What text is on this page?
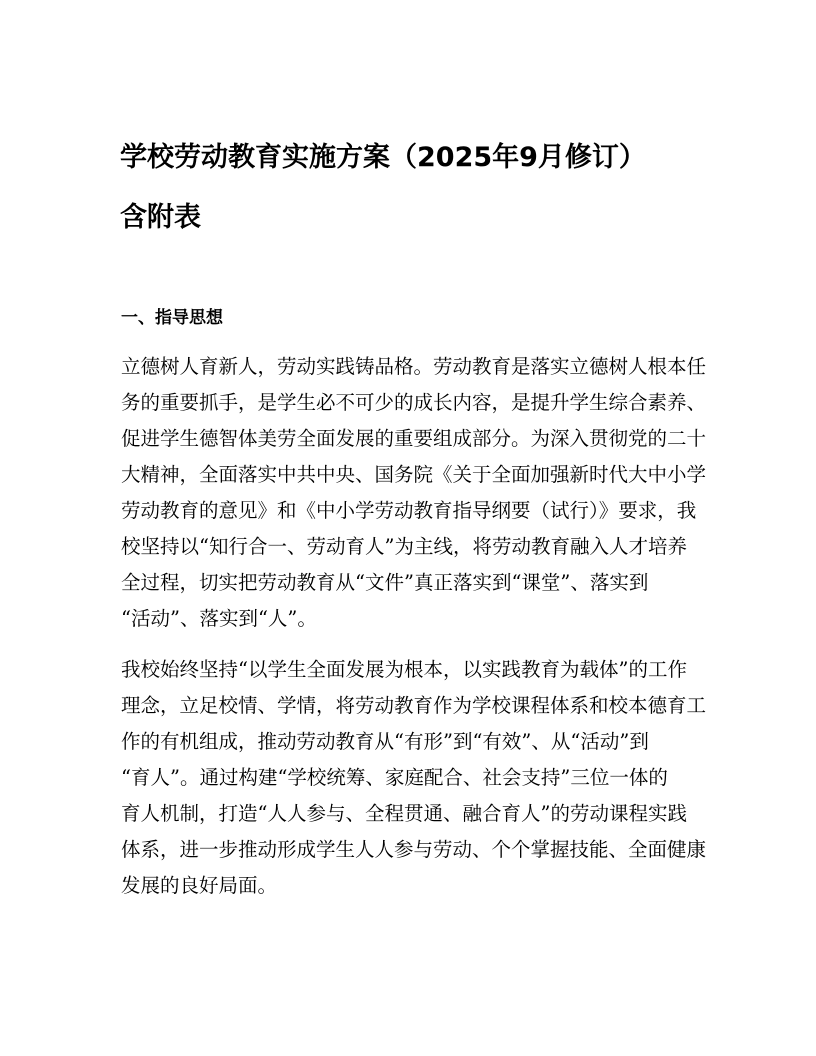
学校劳动教育实施方案（2025年9月修订）
含附表
一、指导思想
立德树人育新人，劳动实践铸品格。劳动教育是落实立德树人根本任
务的重要抓手，是学生必不可少的成长内容，是提升学生综合素养、
促进学生德智体美劳全面发展的重要组成部分。为深入贯彻党的二十
大精神，全面落实中共中央、国务院《关于全面加强新时代大中小学
劳动教育的意见》和《中小学劳动教育指导纲要（试行）》要求，我
校坚持以“知行合一、劳动育人”为主线，将劳动教育融入人才培养
全过程，切实把劳动教育从“文件”真正落实到“课堂”、落实到
“活动”、落实到“人”。
我校始终坚持“以学生全面发展为根本，以实践教育为载体”的工作
理念，立足校情、学情，将劳动教育作为学校课程体系和校本德育工
作的有机组成，推动劳动教育从“有形”到“有效”、从“活动”到
“育人”。通过构建“学校统筹、家庭配合、社会支持”三位一体的
育人机制，打造“人人参与、全程贯通、融合育人”的劳动课程实践
体系，进一步推动形成学生人人参与劳动、个个掌握技能、全面健康
发展的良好局面。
